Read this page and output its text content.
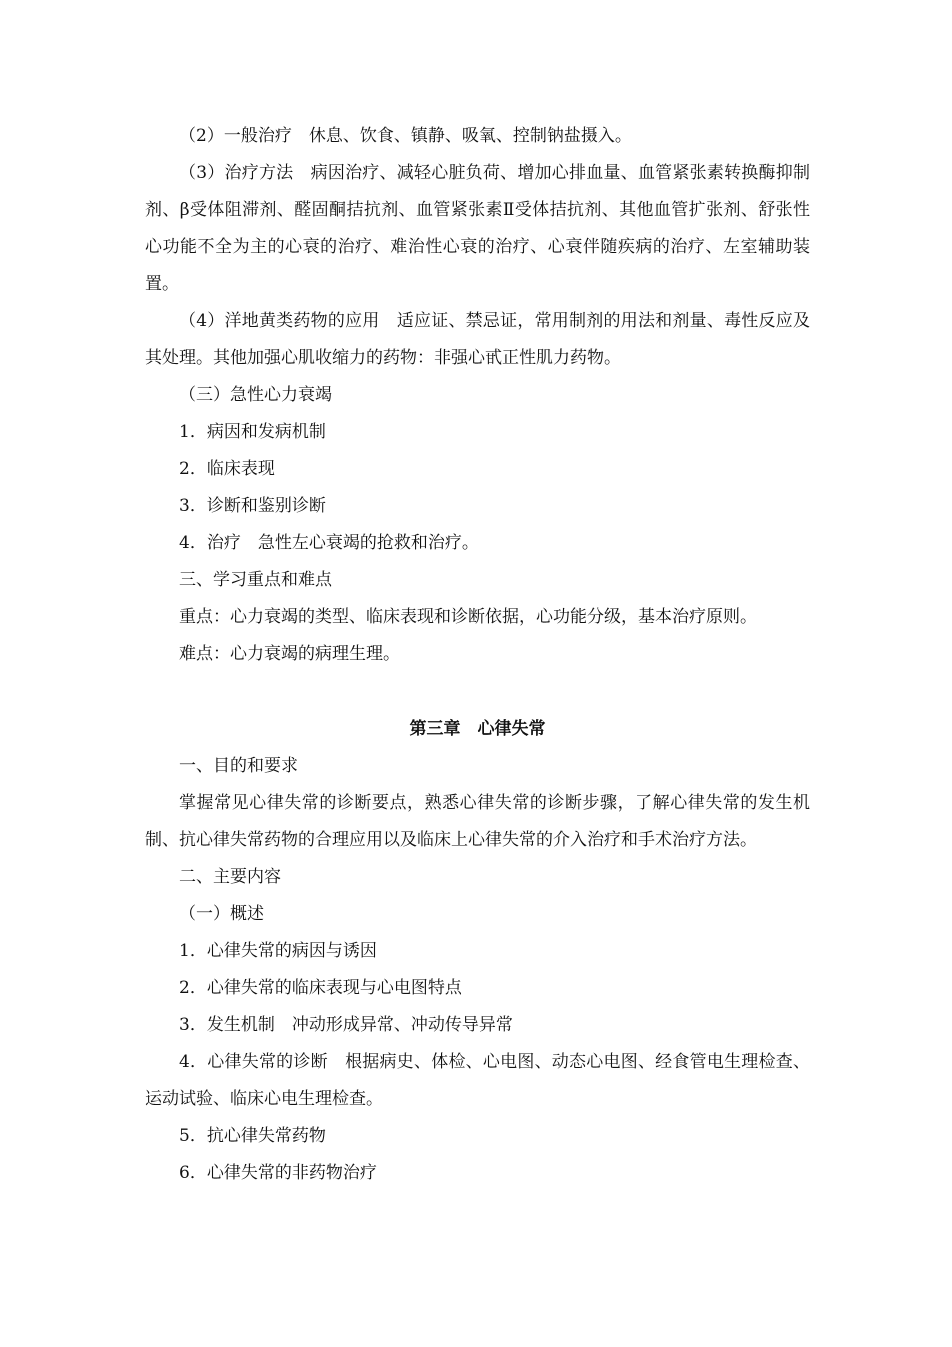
（2）一般治疗　休息、饮食、镇静、吸氧、控制钠盐摄入。

（3）治疗方法　病因治疗、减轻心脏负荷、增加心排血量、血管紧张素转换酶抑制剂、β受体阻滞剂、醛固酮拮抗剂、血管紧张素Ⅱ受体拮抗剂、其他血管扩张剂、舒张性心功能不全为主的心衰的治疗、难治性心衰的治疗、心衰伴随疾病的治疗、左室辅助装置。

（4）洋地黄类药物的应用　适应证、禁忌证，常用制剂的用法和剂量、毒性反应及其处理。其他加强心肌收缩力的药物：非强心甙正性肌力药物。

（三）急性心力衰竭

1．病因和发病机制

2．临床表现

3．诊断和鉴别诊断

4．治疗　急性左心衰竭的抢救和治疗。

三、学习重点和难点

重点：心力衰竭的类型、临床表现和诊断依据，心功能分级，基本治疗原则。

难点：心力衰竭的病理生理。

第三章　心律失常

一、目的和要求

掌握常见心律失常的诊断要点，熟悉心律失常的诊断步骤，了解心律失常的发生机制、抗心律失常药物的合理应用以及临床上心律失常的介入治疗和手术治疗方法。

二、主要内容

（一）概述

1．心律失常的病因与诱因

2．心律失常的临床表现与心电图特点

3．发生机制　冲动形成异常、冲动传导异常

4．心律失常的诊断　根据病史、体检、心电图、动态心电图、经食管电生理检查、运动试验、临床心电生理检查。

5．抗心律失常药物

6．心律失常的非药物治疗
